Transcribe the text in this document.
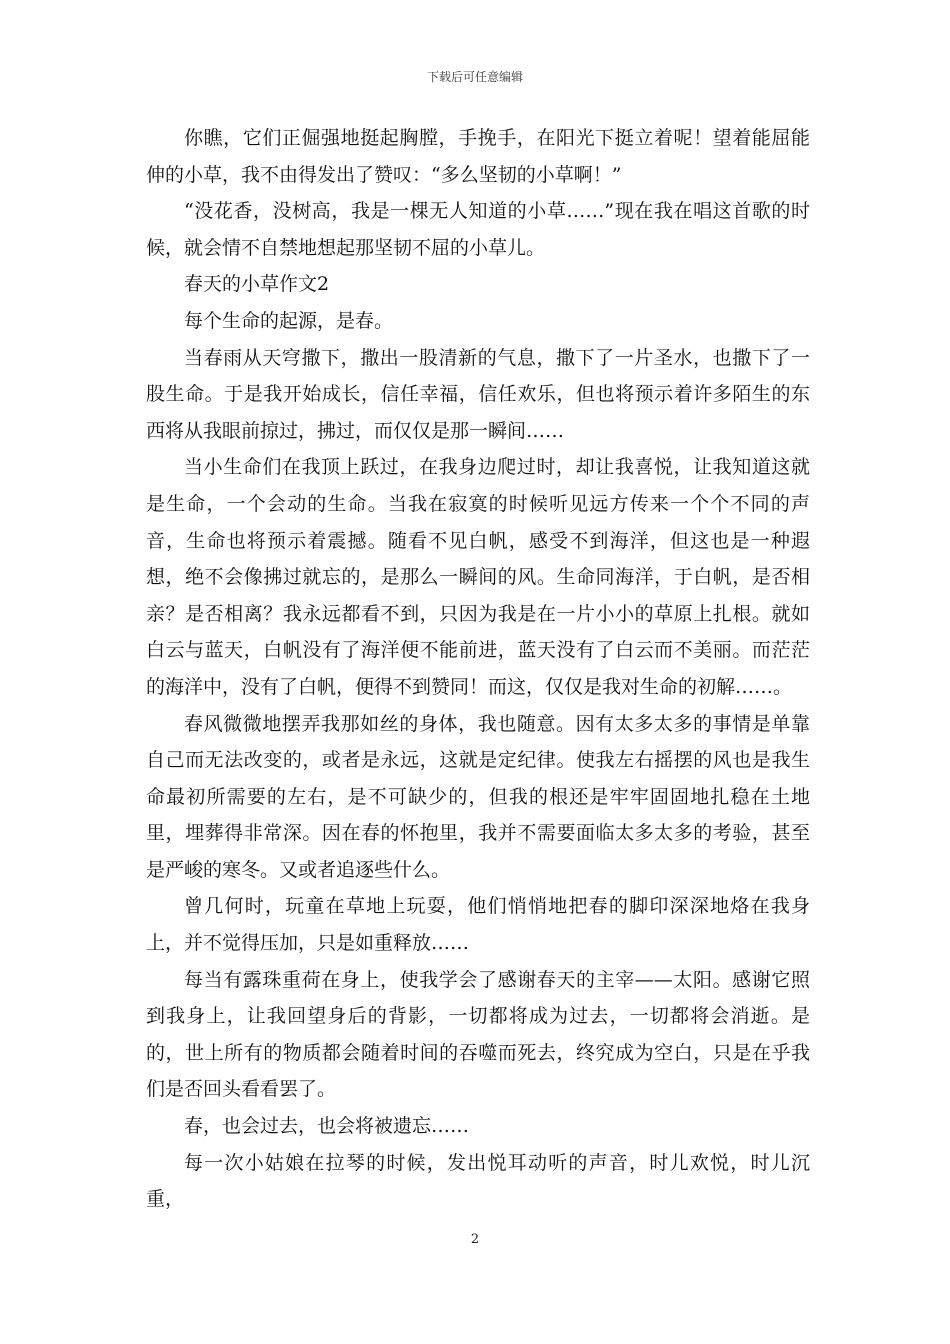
下载后可任意编辑

你瞧，它们正倔强地挺起胸膛，手挽手，在阳光下挺立着呢！望着能屈能伸的小草，我不由得发出了赞叹：“多么坚韧的小草啊！”

“没花香，没树高，我是一棵无人知道的小草……”现在我在唱这首歌的时候，就会情不自禁地想起那坚韧不屈的小草儿。

春天的小草作文2

每个生命的起源，是春。

当春雨从天穹撒下，撒出一股清新的气息，撒下了一片圣水，也撒下了一股生命。于是我开始成长，信任幸福，信任欢乐，但也将预示着许多陌生的东西将从我眼前掠过，拂过，而仅仅是那一瞬间……

当小生命们在我顶上跃过，在我身边爬过时，却让我喜悦，让我知道这就是生命，一个会动的生命。当我在寂寞的时候听见远方传来一个个不同的声音，生命也将预示着震撼。随看不见白帆，感受不到海洋，但这也是一种遐想，绝不会像拂过就忘的，是那么一瞬间的风。生命同海洋，于白帆，是否相亲？是否相离？我永远都看不到，只因为我是在一片小小的草原上扎根。就如白云与蓝天，白帆没有了海洋便不能前进，蓝天没有了白云而不美丽。而茫茫的海洋中，没有了白帆，便得不到赞同！而这，仅仅是我对生命的初解……。

春风微微地摆弄我那如丝的身体，我也随意。因有太多太多的事情是单靠自己而无法改变的，或者是永远，这就是定纪律。使我左右摇摆的风也是我生命最初所需要的左右，是不可缺少的，但我的根还是牢牢固固地扎稳在土地里，埋葬得非常深。因在春的怀抱里，我并不需要面临太多太多的考验，甚至是严峻的寒冬。又或者追逐些什么。

曾几何时，玩童在草地上玩耍，他们悄悄地把春的脚印深深地烙在我身上，并不觉得压加，只是如重释放……

每当有露珠重荷在身上，使我学会了感谢春天的主宰——太阳。感谢它照到我身上，让我回望身后的背影，一切都将成为过去，一切都将会消逝。是的，世上所有的物质都会随着时间的吞噬而死去，终究成为空白，只是在乎我们是否回头看看罢了。

春，也会过去，也会将被遗忘……

每一次小姑娘在拉琴的时候，发出悦耳动听的声音，时儿欢悦，时儿沉重，

2
